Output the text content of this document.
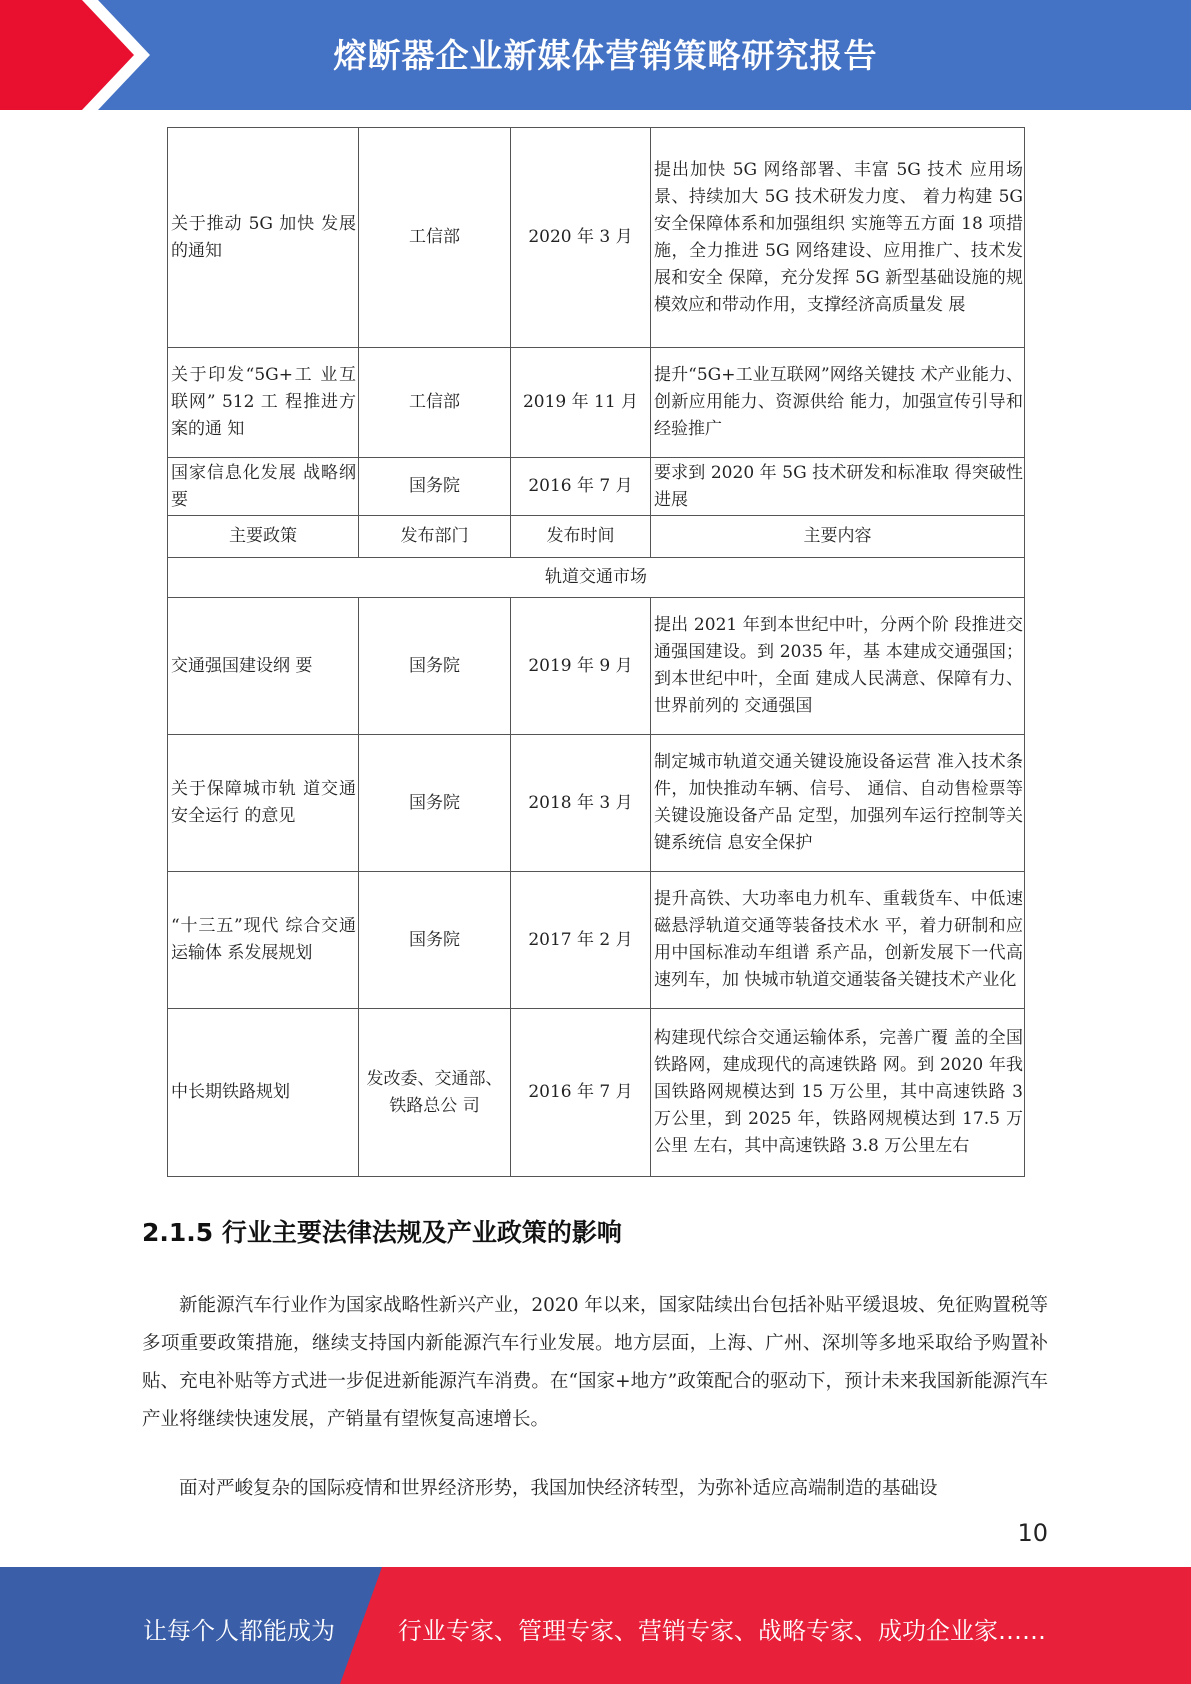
熔断器企业新媒体营销策略研究报告
关于推动 5G 加快 发展的通知	工信部	2020 年 3 月	提出加快 5G 网络部署、丰富 5G 技术 应用场景、持续加大 5G 技术研发力度、 着力构建 5G 安全保障体系和加强组织 实施等五方面 18 项措施，全力推进 5G 网络建设、应用推广、技术发展和安全 保障，充分发挥 5G 新型基础设施的规 模效应和带动作用，支撑经济高质量发 展
关于印发“5G+工 业互联网” 512 工 程推进方案的通 知	工信部	2019 年 11 月	提升“5G+工业互联网”网络关键技 术产业能力、创新应用能力、资源供给 能力，加强宣传引导和经验推广
国家信息化发展 战略纲要	国务院	2016 年 7 月	要求到 2020 年 5G 技术研发和标准取 得突破性进展
主要政策	发布部门	发布时间	主要内容
轨道交通市场			
交通强国建设纲 要	国务院	2019 年 9 月	提出 2021 年到本世纪中叶，分两个阶 段推进交通强国建设。到 2035 年，基 本建成交通强国；到本世纪中叶，全面 建成人民满意、保障有力、世界前列的 交通强国
关于保障城市轨 道交通安全运行 的意见	国务院	2018 年 3 月	制定城市轨道交通关键设施设备运营 准入技术条件，加快推动车辆、信号、 通信、自动售检票等关键设施设备产品 定型，加强列车运行控制等关键系统信 息安全保护
“十三五”现代 综合交通运输体 系发展规划	国务院	2017 年 2 月	提升高铁、大功率电力机车、重载货车、中低速磁悬浮轨道交通等装备技术水 平，着力研制和应用中国标准动车组谱 系产品，创新发展下一代高速列车，加 快城市轨道交通装备关键技术产业化
中长期铁路规划	发改委、交通部、铁路总公 司	2016 年 7 月	构建现代综合交通运输体系，完善广覆 盖的全国铁路网，建成现代的高速铁路 网。到 2020 年我国铁路网规模达到 15 万公里，其中高速铁路 3 万公里，到 2025 年，铁路网规模达到 17.5 万公里 左右，其中高速铁路 3.8 万公里左右
2.1.5 行业主要法律法规及产业政策的影响

新能源汽车行业作为国家战略性新兴产业，2020 年以来，国家陆续出台包括补贴平缓退坡、免征购置税等多项重要政策措施，继续支持国内新能源汽车行业发展。地方层面，上海、广州、深圳等多地采取给予购置补贴、充电补贴等方式进一步促进新能源汽车消费。在“国家+地方”政策配合的驱动下，预计未来我国新能源汽车产业将继续快速发展，产销量有望恢复高速增长。

面对严峻复杂的国际疫情和世界经济形势，我国加快经济转型，为弥补适应高端制造的基础设

10
让每个人都能成为	行业专家、管理专家、营销专家、战略专家、成功企业家……
